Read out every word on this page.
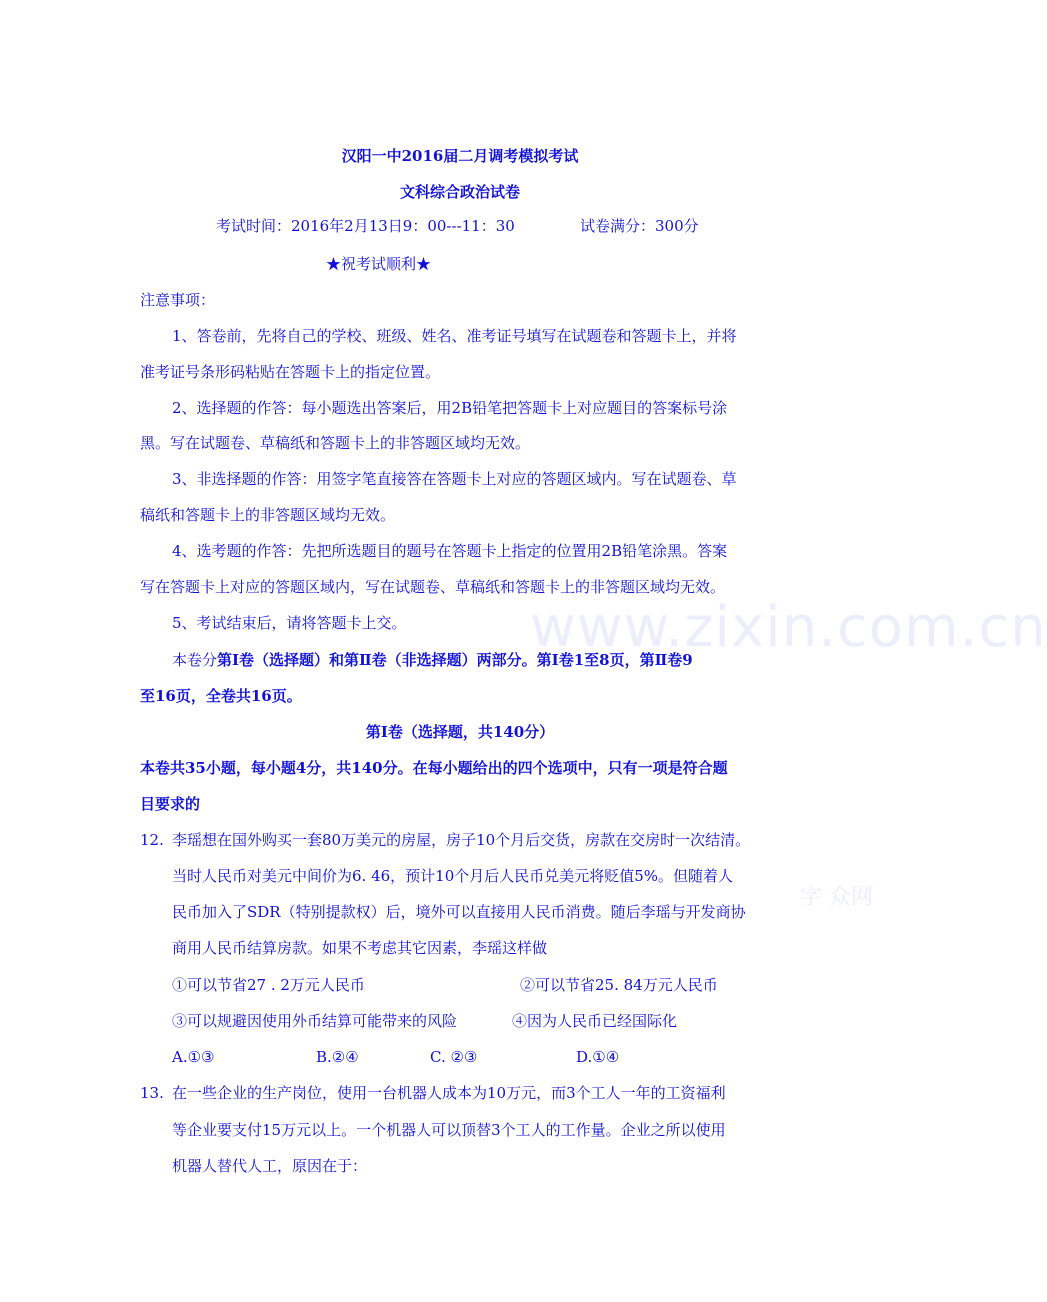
www.zixin.com.cn
字 众网
汉阳一中2016届二月调考模拟考试
文科综合政治试卷
考试时间：2016年2月13日9：00---11：30	试卷满分：300分
★祝考试顺利★
注意事项：
1、答卷前，先将自己的学校、班级、姓名、准考证号填写在试题卷和答题卡上，并将
准考证号条形码粘贴在答题卡上的指定位置。
2、选择题的作答：每小题选出答案后，用2B铅笔把答题卡上对应题目的答案标号涂
黑。写在试题卷、草稿纸和答题卡上的非答题区域均无效。
3、非选择题的作答：用签字笔直接答在答题卡上对应的答题区域内。写在试题卷、草
稿纸和答题卡上的非答题区域均无效。
4、选考题的作答：先把所选题目的题号在答题卡上指定的位置用2B铅笔涂黑。答案
写在答题卡上对应的答题区域内，写在试题卷、草稿纸和答题卡上的非答题区域均无效。
5、考试结束后，请将答题卡上交。
本卷分第Ⅰ卷（选择题）和第Ⅱ卷（非选择题）两部分。第Ⅰ卷1至8页，第Ⅱ卷9
至16页，全卷共16页。
第Ⅰ卷（选择题，共140分）
本卷共35小题，每小题4分，共140分。在每小题给出的四个选项中，只有一项是符合题
目要求的
12. 李瑶想在国外购买一套80万美元的房屋，房子10个月后交货，房款在交房时一次结清。
当时人民币对美元中间价为6. 46，预计10个月后人民币兑美元将贬值5%。但随着人
民币加入了SDR（特别提款权）后，境外可以直接用人民币消费。随后李瑶与开发商协
商用人民币结算房款。如果不考虑其它因素，李瑶这样做
①可以节省27 . 2万元人民币	②可以节省25. 84万元人民币
③可以规避因使用外币结算可能带来的风险	④因为人民币已经国际化
A.①③	B.②④	C. ②③	D.①④
13. 在一些企业的生产岗位，使用一台机器人成本为10万元，而3个工人一年的工资福利
等企业要支付15万元以上。一个机器人可以顶替3个工人的工作量。企业之所以使用
机器人替代人工，原因在于：
